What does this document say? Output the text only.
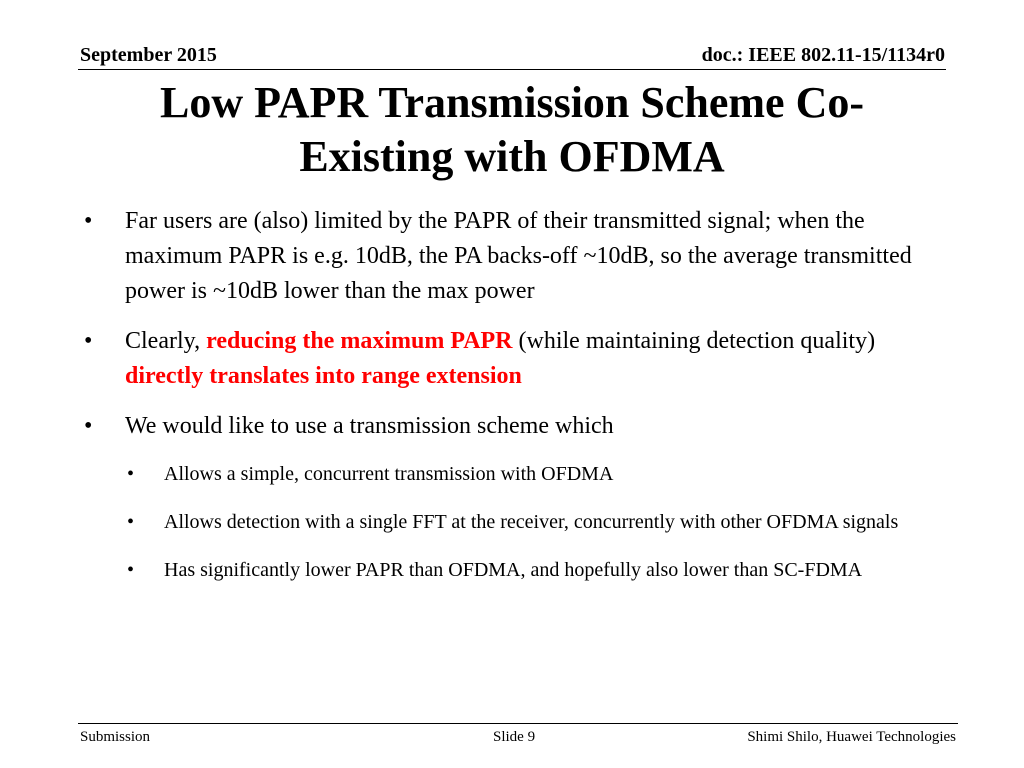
September 2015	doc.: IEEE 802.11-15/1134r0
Low PAPR Transmission Scheme Co-
Existing with OFDMA
• Far users are (also) limited by the PAPR of their transmitted signal; when the maximum PAPR is e.g. 10dB, the PA backs-off ~10dB, so the average transmitted power is ~10dB lower than the max power
• Clearly, reducing the maximum PAPR (while maintaining detection quality) directly translates into range extension
• We would like to use a transmission scheme which
• Allows a simple, concurrent transmission with OFDMA
• Allows detection with a single FFT at the receiver, concurrently with other OFDMA signals
• Has significantly lower PAPR than OFDMA, and hopefully also lower than SC-FDMA
Submission	Slide 9	Shimi Shilo, Huawei Technologies
